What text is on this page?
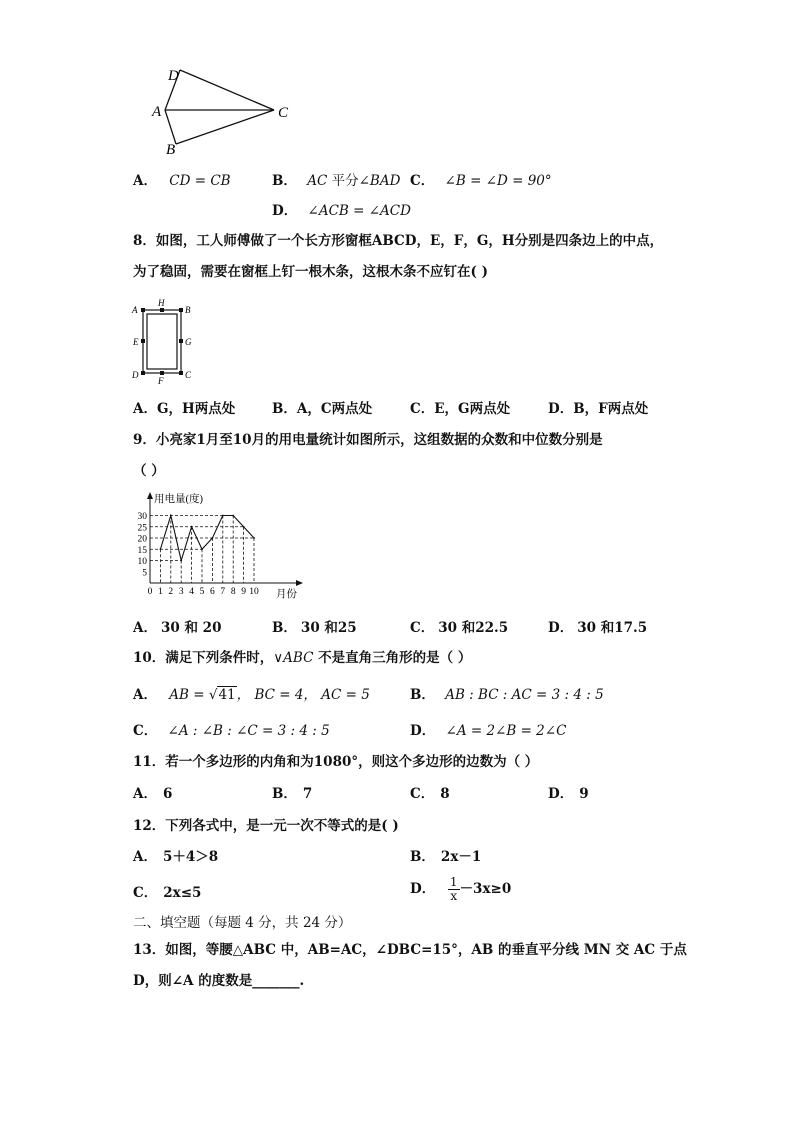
D
A	C
B
A． CD = CB	B． AC 平分∠BAD C． ∠B = ∠D = 90°
D． ∠ACB = ∠ACD
8．如图，工人师傅做了一个长方形窗框ABCD，E，F，G，H分别是四条边上的中点，
为了稳固，需要在窗框上钉一根木条，这根木条不应钉在( )
A
H
B
E	G
D
F
C
A．G，H两点处	B．A，C两点处	C．E，G两点处	D．B，F两点处
9．小亮家1月至10月的用电量统计如图所示，这组数据的众数和中位数分别是
（ ）
0 1 2 3 4 5 6 7 8 9 10
5
10
15
20
25
30
用电量(度)
月份
A． 30 和 20	B． 30 和25	C． 30 和22.5	D． 30 和17.5
10．满足下列条件时，∨ABC 不是直角三角形的是（ ）
A． AB = √41， BC = 4， AC = 5	B． AB : BC : AC = 3 : 4 : 5
C． ∠A : ∠B : ∠C = 3 : 4 : 5	D． ∠A = 2∠B = 2∠C
11．若一个多边形的内角和为1080°，则这个多边形的边数为（ ）
A． 6	B． 7	C． 8	D． 9
12．下列各式中，是一元一次不等式的是( )
A． 5＋4＞8	B． 2x－1
C． 2x≤5	D． $\frac{1}{x} -3x\ge 0$
二、填空题（每题 4 分，共 24 分）
13．如图，等腰△ABC 中，AB=AC，∠DBC=15°，AB 的垂直平分线 MN 交 AC 于点
D，则∠A 的度数是_______.
